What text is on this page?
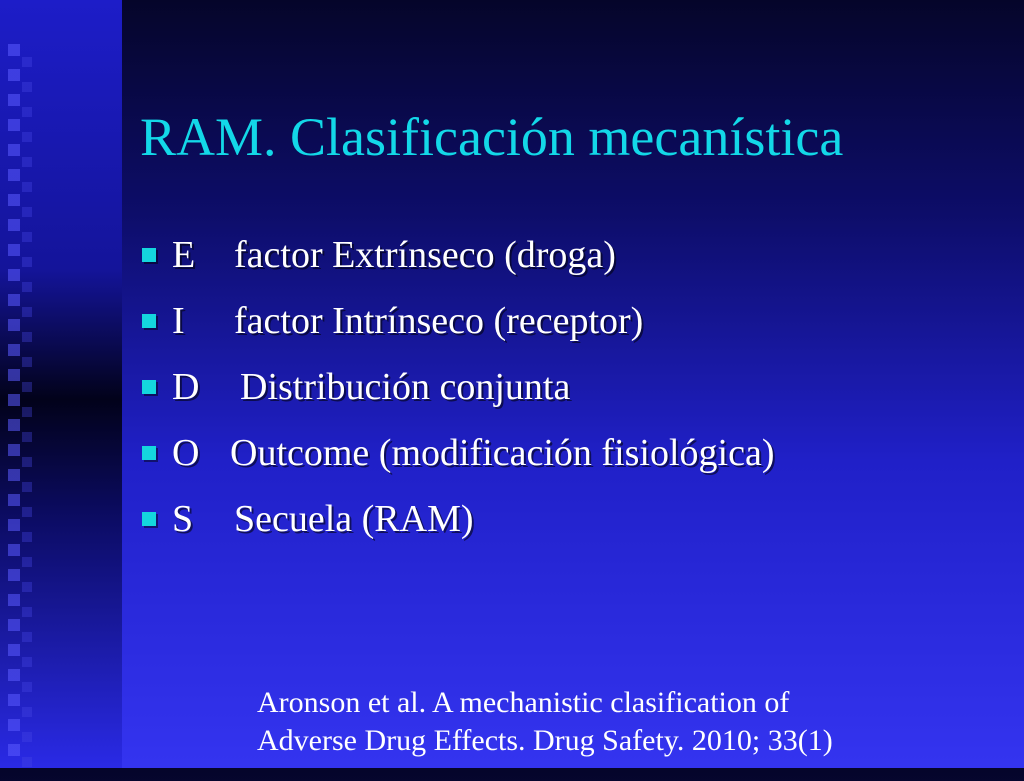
RAM. Clasificación mecanística
E	factor Extrínseco (droga)
I	factor Intrínseco (receptor)
D	Distribución conjunta
O Outcome (modificación fisiológica)
S	Secuela (RAM)
Aronson et al. A mechanistic clasification of
Adverse Drug Effects. Drug Safety. 2010; 33(1)
